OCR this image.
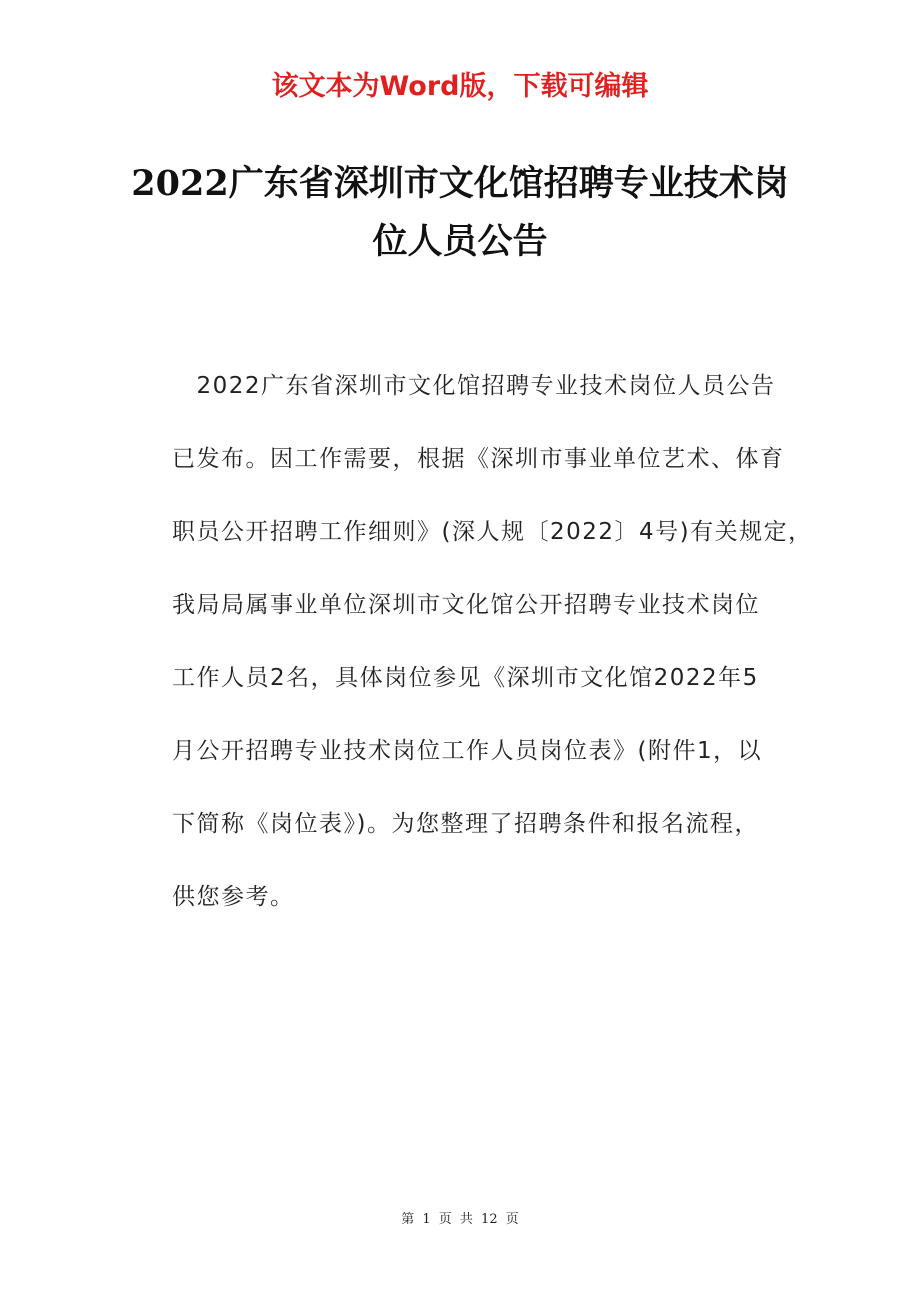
该文本为Word版，下载可编辑
2022广东省深圳市文化馆招聘专业技术岗
位人员公告
　2022广东省深圳市文化馆招聘专业技术岗位人员公告
已发布。因工作需要，根据《深圳市事业单位艺术、体育
职员公开招聘工作细则》(深人规〔2022〕4号)有关规定，
我局局属事业单位深圳市文化馆公开招聘专业技术岗位
工作人员2名，具体岗位参见《深圳市文化馆2022年5
月公开招聘专业技术岗位工作人员岗位表》(附件1，以
下简称《岗位表》)。为您整理了招聘条件和报名流程，
供您参考。
第 1 页 共 12 页
